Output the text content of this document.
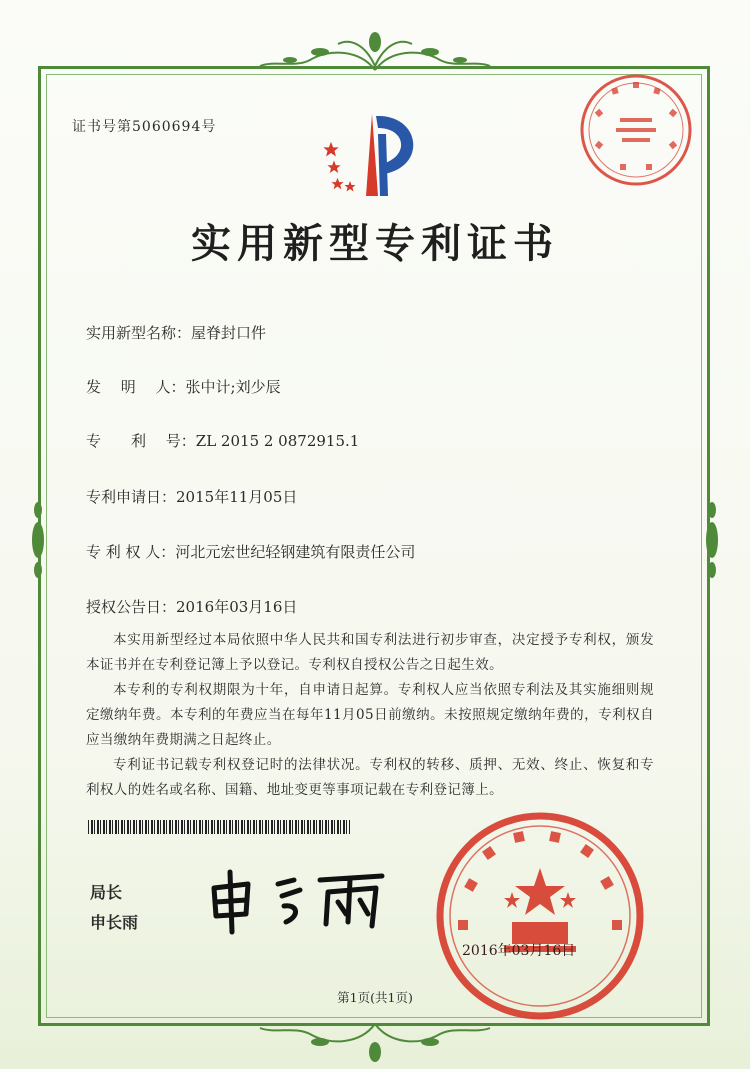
证书号第5060694号
实用新型专利证书
实用新型名称：屋脊封口件
发　 明　 人：张中计;刘少辰
专　　利　 号：ZL 2015 2 0872915.1
专利申请日：2015年11月05日
专 利 权 人：河北元宏世纪轻钢建筑有限责任公司
授权公告日：2016年03月16日

本实用新型经过本局依照中华人民共和国专利法进行初步审查，决定授予专利权，颁发本证书并在专利登记簿上予以登记。专利权自授权公告之日起生效。

本专利的专利权期限为十年，自申请日起算。专利权人应当依照专利法及其实施细则规定缴纳年费。本专利的年费应当在每年11月05日前缴纳。未按照规定缴纳年费的，专利权自应当缴纳年费期满之日起终止。

专利证书记载专利权登记时的法律状况。专利权的转移、质押、无效、终止、恢复和专利权人的姓名或名称、国籍、地址变更等事项记载在专利登记簿上。

局长
申长雨
2016年03月16日
第1页(共1页)
